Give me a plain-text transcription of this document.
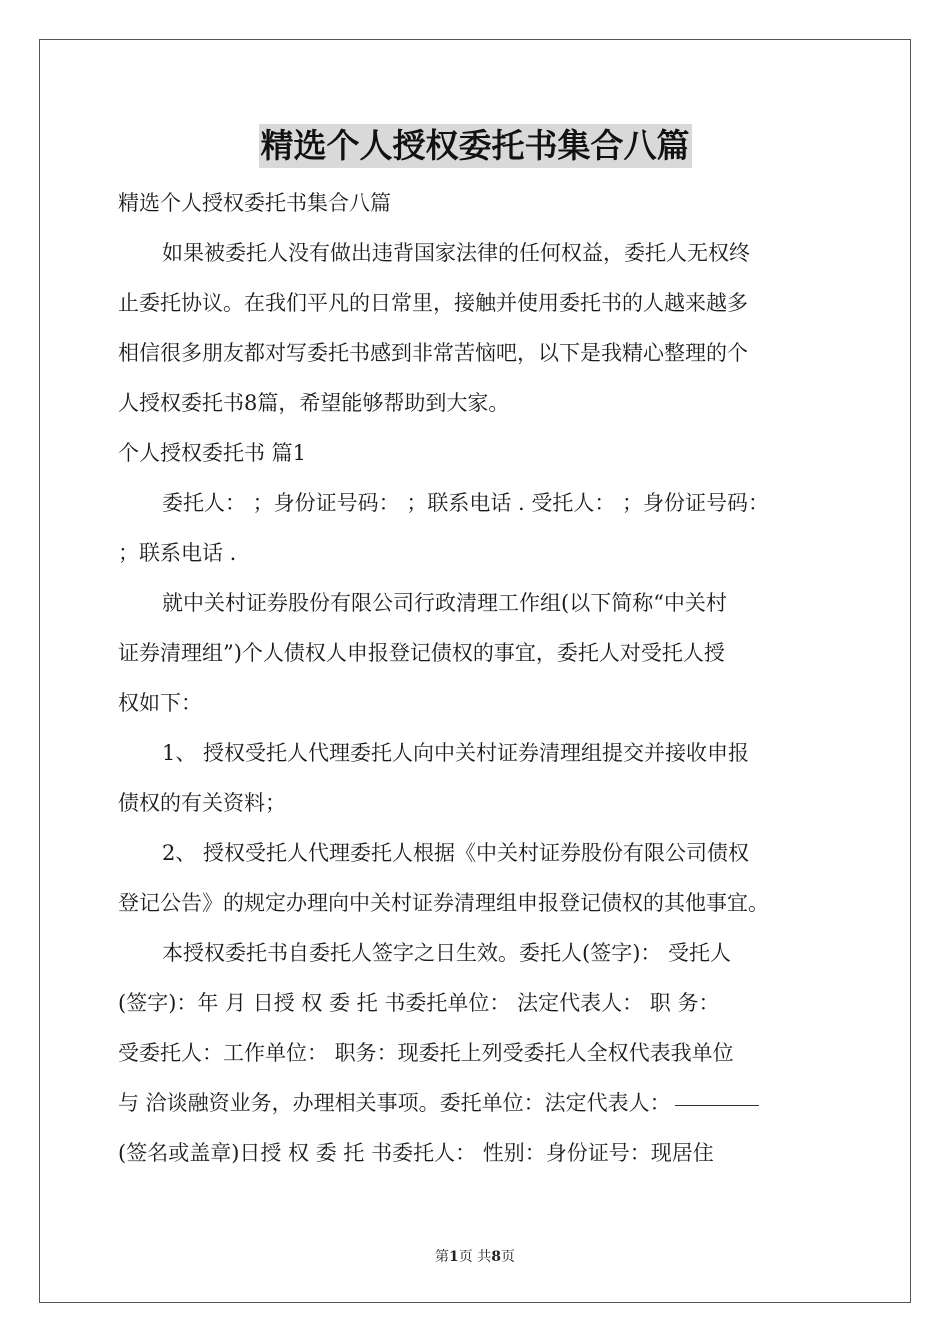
精选个人授权委托书集合八篇

精选个人授权委托书集合八篇

如果被委托人没有做出违背国家法律的任何权益，委托人无权终
止委托协议。在我们平凡的日常里，接触并使用委托书的人越来越多
相信很多朋友都对写委托书感到非常苦恼吧，以下是我精心整理的个
人授权委托书8篇，希望能够帮助到大家。

个人授权委托书 篇1

委托人： ；身份证号码： ；联系电话 . 受托人： ；身份证号码：
；联系电话 .

就中关村证券股份有限公司行政清理工作组(以下简称“中关村
证券清理组”)个人债权人申报登记债权的事宜，委托人对受托人授
权如下：

1、 授权受托人代理委托人向中关村证券清理组提交并接收申报
债权的有关资料；

2、 授权受托人代理委托人根据《中关村证券股份有限公司债权
登记公告》的规定办理向中关村证券清理组申报登记债权的其他事宜。

本授权委托书自委托人签字之日生效。委托人(签字)： 受托人
(签字)：年 月 日授 权 委 托 书委托单位： 法定代表人： 职 务：
受委托人：工作单位： 职务：现委托上列受委托人全权代表我单位
与 洽谈融资业务，办理相关事项。委托单位：法定代表人：
(签名或盖章)日授 权 委 托 书委托人： 性别：身份证号：现居住

第1页 共8页
